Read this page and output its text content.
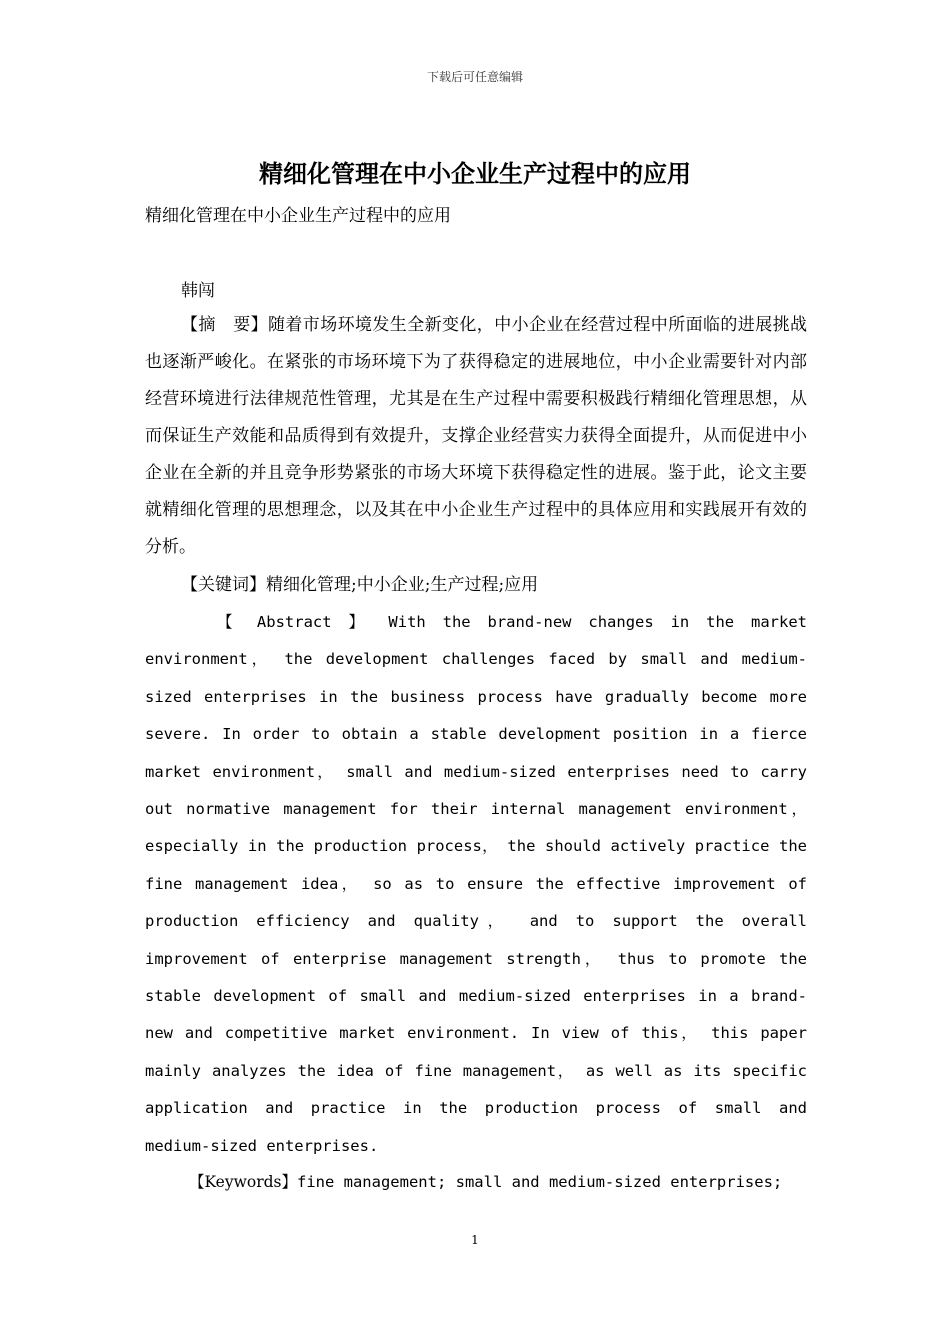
下载后可任意编辑
精细化管理在中小企业生产过程中的应用
精细化管理在中小企业生产过程中的应用
韩闯

【摘　要】随着市场环境发生全新变化，中小企业在经营过程中所面临的进展挑战也逐渐严峻化。在紧张的市场环境下为了获得稳定的进展地位，中小企业需要针对内部经营环境进行法律规范性管理，尤其是在生产过程中需要积极践行精细化管理思想，从而保证生产效能和品质得到有效提升，支撑企业经营实力获得全面提升，从而促进中小企业在全新的并且竞争形势紧张的市场大环境下获得稳定性的进展。鉴于此，论文主要就精细化管理的思想理念，以及其在中小企业生产过程中的具体应用和实践展开有效的分析。

【关键词】精细化管理;中小企业;生产过程;应用

【 Abstract 】 With the brand-new changes in the market environment， the development challenges faced by small and medium-sized enterprises in the business process have gradually become more severe. In order to obtain a stable development position in a fierce market environment， small and medium-sized enterprises need to carry out normative management for their internal management environment， especially in the production process， the should actively practice the fine management idea， so as to ensure the effective improvement of production efficiency and quality， and to support the overall improvement of enterprise management strength， thus to promote the stable development of small and medium-sized enterprises in a brand-new and competitive market environment. In view of this， this paper mainly analyzes the idea of fine management， as well as its specific application and practice in the production process of small and medium-sized enterprises.

【Keywords】fine management; small and medium-sized enterprises;

1
